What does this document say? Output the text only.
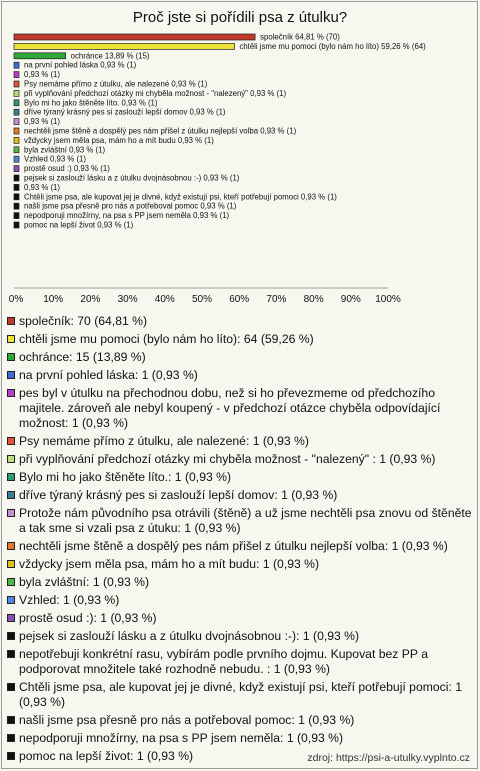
Proč jste si pořídili psa z útulku?
společník 64,81 % (70)
chtěli jsme mu pomoci (bylo nám ho líto) 59,26 % (64)
ochránce 13,89 % (15)
na první pohled láska 0,93 % (1)
0,93 % (1)
Psy nemáme přímo z útulku, ale nalezené 0,93 % (1)
při vyplňování předchozí otázky mi chyběla možnost - "nalezený" 0,93 % (1)
Bylo mi ho jako štěněte líto. 0,93 % (1)
dříve týraný krásný pes si zaslouží lepší domov 0,93 % (1)
0,93 % (1)
nechtěli jsme štěně a dospělý pes nám přišel z útulku nejlepší volba 0,93 % (1)
vždycky jsem měla psa, mám ho a mít budu 0,93 % (1)
byla zvláštní 0,93 % (1)
Vzhled 0,93 % (1)
prostě osud :) 0,93 % (1)
pejsek si zaslouží lásku a z útulku dvojnásobnou :-) 0,93 % (1)
0,93 % (1)
Chtěli jsme psa, ale kupovat jej je divné, když existují psi, kteří potřebují pomoci 0,93 % (1)
našli jsme psa přesně pro nás a potřeboval pomoc 0,93 % (1)
nepodporuji množírny, na psa s PP jsem neměla 0,93 % (1)
pomoc na lepší život 0,93 % (1)
0% 10% 20% 30% 40% 50% 60% 70% 80% 90% 100%
společník: 70 (64,81 %)
chtěli jsme mu pomoci (bylo nám ho líto): 64 (59,26 %)
ochránce: 15 (13,89 %)
na první pohled láska: 1 (0,93 %)
pes byl v útulku na přechodnou dobu, než si ho převezmeme od předchozího majitele. zároveň ale nebyl koupený - v předchozí otázce chyběla odpovídající možnost: 1 (0,93 %)
Psy nemáme přímo z útulku, ale nalezené: 1 (0,93 %)
při vyplňování předchozí otázky mi chyběla možnost - "nalezený" : 1 (0,93 %)
Bylo mi ho jako štěněte líto.: 1 (0,93 %)
dříve týraný krásný pes si zaslouží lepší domov: 1 (0,93 %)
Protože nám původního psa otrávili (štěně) a už jsme nechtěli psa znovu od štěněte a tak sme si vzali psa z útuku: 1 (0,93 %)
nechtěli jsme štěně a dospělý pes nám přišel z útulku nejlepší volba: 1 (0,93 %)
vždycky jsem měla psa, mám ho a mít budu: 1 (0,93 %)
byla zvláštní: 1 (0,93 %)
Vzhled: 1 (0,93 %)
prostě osud :): 1 (0,93 %)
pejsek si zaslouží lásku a z útulku dvojnásobnou :-): 1 (0,93 %)
nepotřebuji konkrétní rasu, vybírám podle prvního dojmu. Kupovat bez PP a podporovat množitele také rozhodně nebudu. : 1 (0,93 %)
Chtěli jsme psa, ale kupovat jej je divné, když existují psi, kteří potřebují pomoci: 1 (0,93 %)
našli jsme psa přesně pro nás a potřeboval pomoc: 1 (0,93 %)
nepodporuji množírny, na psa s PP jsem neměla: 1 (0,93 %)
pomoc na lepší život: 1 (0,93 %)	zdroj: https://psi-a-utulky.vyplnto.cz
